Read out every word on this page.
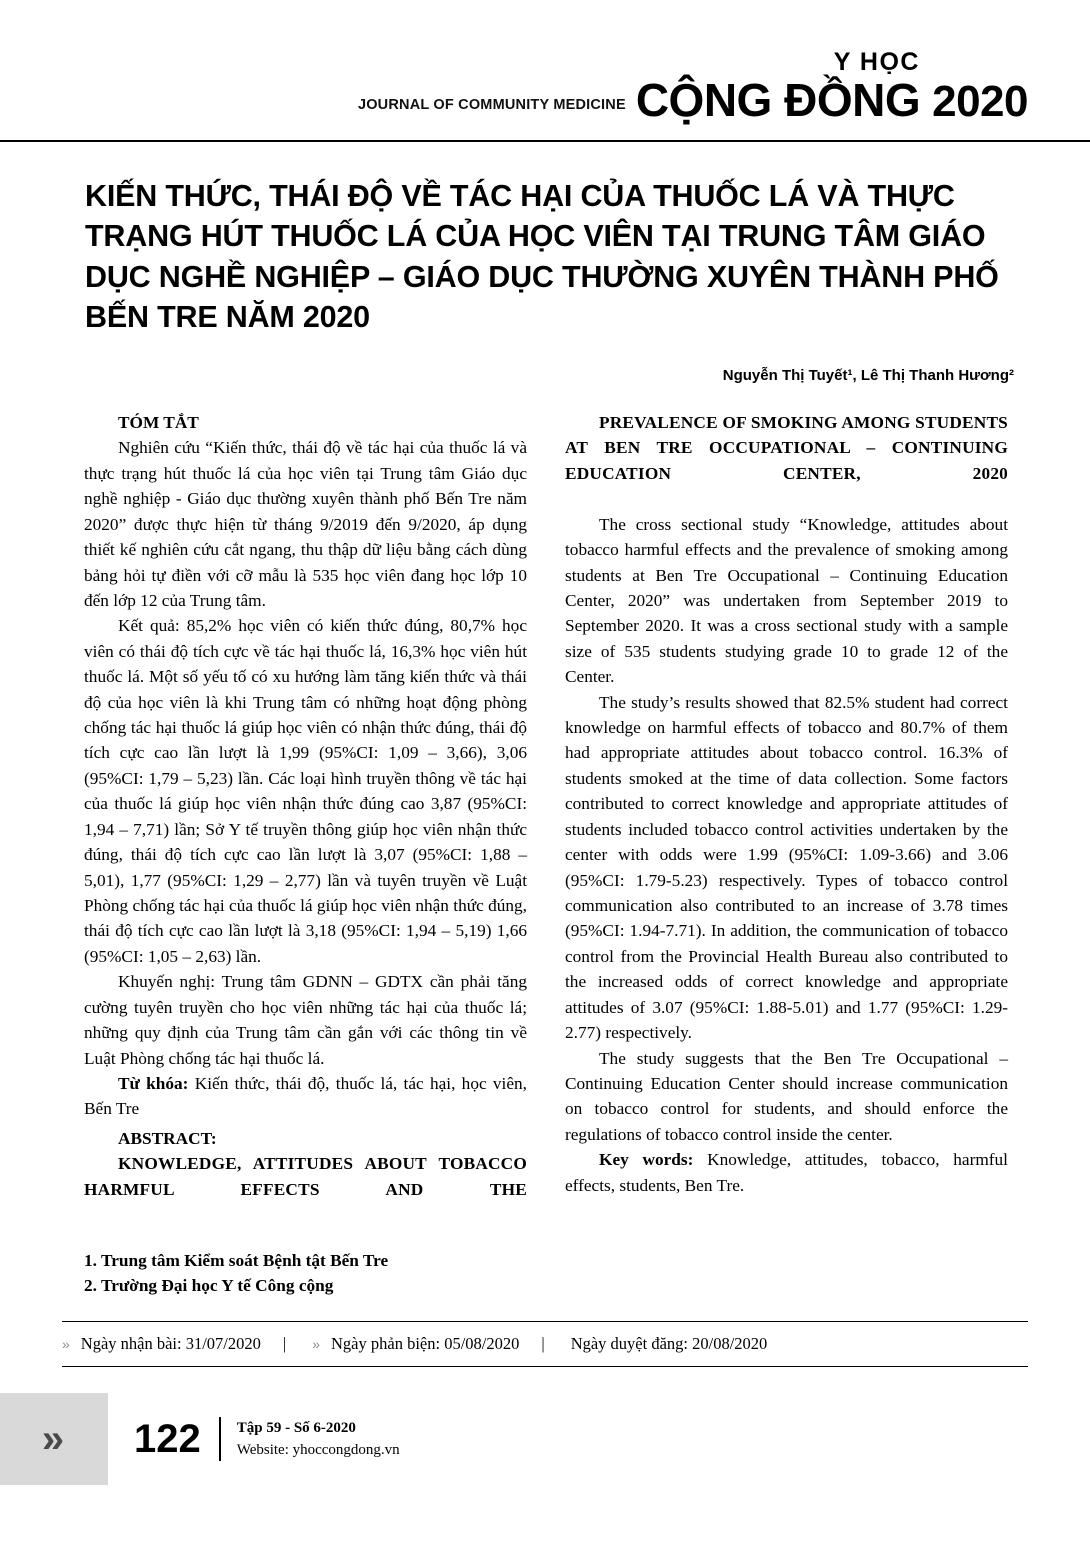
JOURNAL OF COMMUNITY MEDICINE
Y HỌC
CỘNG ĐỒNG 2020
KIẾN THỨC, THÁI ĐỘ VỀ TÁC HẠI CỦA THUỐC LÁ VÀ THỰC TRẠNG HÚT THUỐC LÁ CỦA HỌC VIÊN TẠI TRUNG TÂM GIÁO DỤC NGHỀ NGHIỆP – GIÁO DỤC THƯỜNG XUYÊN THÀNH PHỐ BẾN TRE NĂM 2020
Nguyễn Thị Tuyết¹, Lê Thị Thanh Hương²

TÓM TẮT

Nghiên cứu “Kiến thức, thái độ về tác hại của thuốc lá và thực trạng hút thuốc lá của học viên tại Trung tâm Giáo dục nghề nghiệp - Giáo dục thường xuyên thành phố Bến Tre năm 2020” được thực hiện từ tháng 9/2019 đến 9/2020, áp dụng thiết kế nghiên cứu cắt ngang, thu thập dữ liệu bằng cách dùng bảng hỏi tự điền với cỡ mẫu là 535 học viên đang học lớp 10 đến lớp 12 của Trung tâm.

Kết quả: 85,2% học viên có kiến thức đúng, 80,7% học viên có thái độ tích cực về tác hại thuốc lá, 16,3% học viên hút thuốc lá. Một số yếu tố có xu hướng làm tăng kiến thức và thái độ của học viên là khi Trung tâm có những hoạt động phòng chống tác hại thuốc lá giúp học viên có nhận thức đúng, thái độ tích cực cao lần lượt là 1,99 (95%CI: 1,09 – 3,66), 3,06 (95%CI: 1,79 – 5,23) lần. Các loại hình truyền thông về tác hại của thuốc lá giúp học viên nhận thức đúng cao 3,87 (95%CI: 1,94 – 7,71) lần; Sở Y tế truyền thông giúp học viên nhận thức đúng, thái độ tích cực cao lần lượt là 3,07 (95%CI: 1,88 – 5,01), 1,77 (95%CI: 1,29 – 2,77) lần và tuyên truyền về Luật Phòng chống tác hại của thuốc lá giúp học viên nhận thức đúng, thái độ tích cực cao lần lượt là 3,18 (95%CI: 1,94 – 5,19) 1,66 (95%CI: 1,05 – 2,63) lần.

Khuyến nghị: Trung tâm GDNN – GDTX cần phải tăng cường tuyên truyền cho học viên những tác hại của thuốc lá; những quy định của Trung tâm cần gắn với các thông tin về Luật Phòng chống tác hại thuốc lá.

Từ khóa: Kiến thức, thái độ, thuốc lá, tác hại, học viên, Bến Tre

ABSTRACT:

KNOWLEDGE, ATTITUDES ABOUT TOBACCO HARMFUL EFFECTS AND THE

PREVALENCE OF SMOKING AMONG STUDENTS AT BEN TRE OCCUPATIONAL – CONTINUING EDUCATION CENTER, 2020

The cross sectional study “Knowledge, attitudes about tobacco harmful effects and the prevalence of smoking among students at Ben Tre Occupational – Continuing Education Center, 2020” was undertaken from September 2019 to September 2020. It was a cross sectional study with a sample size of 535 students studying grade 10 to grade 12 of the Center.

The study’s results showed that 82.5% student had correct knowledge on harmful effects of tobacco and 80.7% of them had appropriate attitudes about tobacco control. 16.3% of students smoked at the time of data collection. Some factors contributed to correct knowledge and appropriate attitudes of students included tobacco control activities undertaken by the center with odds were 1.99 (95%CI: 1.09-3.66) and 3.06 (95%CI: 1.79-5.23) respectively. Types of tobacco control communication also contributed to an increase of 3.78 times (95%CI: 1.94-7.71). In addition, the communication of tobacco control from the Provincial Health Bureau also contributed to the increased odds of correct knowledge and appropriate attitudes of 3.07 (95%CI: 1.88-5.01) and 1.77 (95%CI: 1.29-2.77) respectively.

The study suggests that the Ben Tre Occupational – Continuing Education Center should increase communication on tobacco control for students, and should enforce the regulations of tobacco control inside the center.

Key words: Knowledge, attitudes, tobacco, harmful effects, students, Ben Tre.

1. Trung tâm Kiểm soát Bệnh tật Bến Tre
2. Trường Đại học Y tế Công cộng
» Ngày nhận bài: 31/07/2020 | » Ngày phản biện: 05/08/2020 | Ngày duyệt đăng: 20/08/2020
»	122 Tập 59 - Số 6-2020
Website: yhoccongdong.vn
